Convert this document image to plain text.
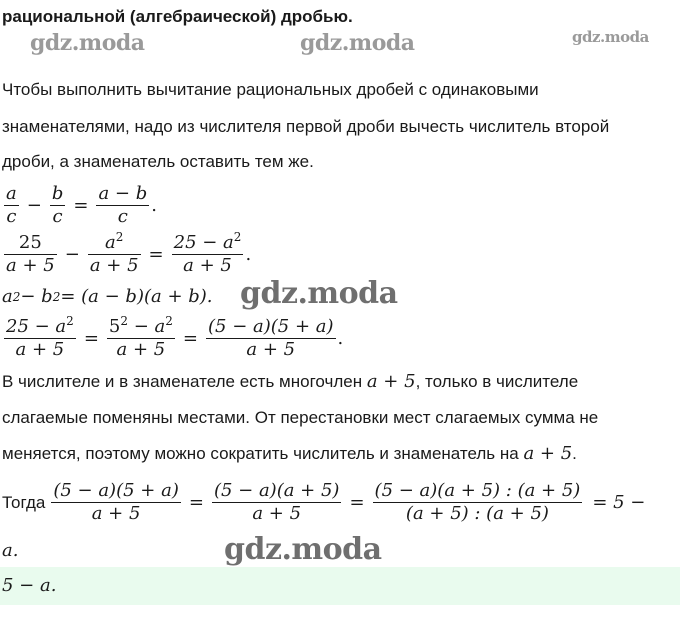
рациональной (алгебраической) дробью.
gdz.moda	gdz.moda	gdz.moda
gdz.moda
gdz.moda
Чтобы выполнить вычитание рациональных дробей с одинаковыми
знаменателями, надо из числителя первой дроби вычесть числитель второй
дроби, а знаменатель оставить тем же.
$\frac{a}{c} - \frac{b}{c} = \frac{a - b}{c}$ .
$\frac{25}{a + 5} - \frac{a^2}{a + 5} = \frac{25 - a^2}{a + 5}$ .
a 2 − b 2 = (a − b)(a + b).
$\frac{25 - a^2}{a + 5} = \frac{5^2 - a^2}{a + 5} = \frac{(5 - a)(5 + a)}{a + 5}$ .
В числителе и в знаменателе есть многочлен a + 5, только в числителе
слагаемые поменяны местами. От перестановки мест слагаемых сумма не
меняется, поэтому можно сократить числитель и знаменатель на a + 5.
Тогда $\frac{(5 - a)(5 + a)}{a + 5} = \frac{(5 - a)(a + 5)}{a + 5} = \frac{(5 - a)(a + 5) : (a + 5)}{(a + 5) : (a + 5)} = 5$ −
a.
5 − a.
